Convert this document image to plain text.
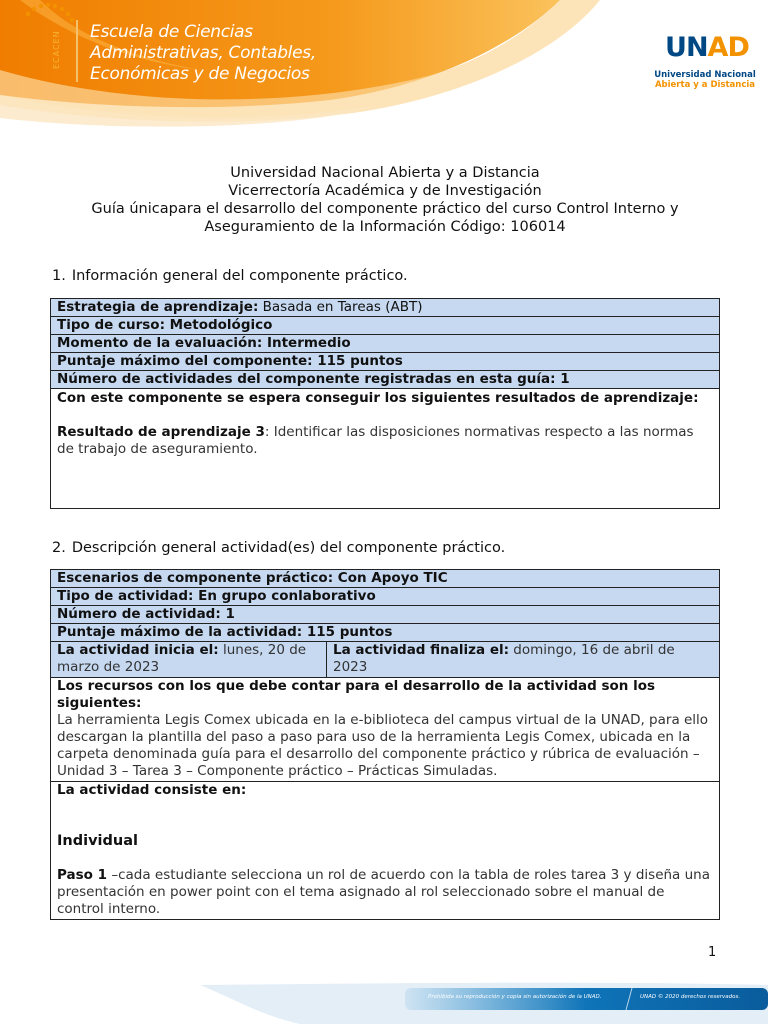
ECACEN	Escuela de Ciencias
Administrativas, Contables,
Económicas y de Negocios
UNAD
Universidad Nacional
Abierta y a Distancia
Universidad Nacional Abierta y a Distancia
Vicerrectoría Académica y de Investigación
Guía únicapara el desarrollo del componente práctico del curso Control Interno y
Aseguramiento de la Información Código: 106014
1. Información general del componente práctico.
Estrategia de aprendizaje: Basada en Tareas (ABT)
Tipo de curso: Metodológico
Momento de la evaluación: Intermedio
Puntaje máximo del componente: 115 puntos
Número de actividades del componente registradas en esta guía: 1
Con este componente se espera conseguir los siguientes resultados de aprendizaje:
Resultado de aprendizaje 3: Identificar las disposiciones normativas respecto a las normas de trabajo de aseguramiento.
2. Descripción general actividad(es) del componente práctico.
Escenarios de componente práctico: Con Apoyo TIC
Tipo de actividad: En grupo conlaborativo
Número de actividad: 1
Puntaje máximo de la actividad: 115 puntos
La actividad inicia el: lunes, 20 de marzo de 2023	La actividad finaliza el: domingo, 16 de abril de 2023
Los recursos con los que debe contar para el desarrollo de la actividad son los siguientes:
La herramienta Legis Comex ubicada en la e-biblioteca del campus virtual de la UNAD, para ello descargan la plantilla del paso a paso para uso de la herramienta Legis Comex, ubicada en la carpeta denominada guía para el desarrollo del componente práctico y rúbrica de evaluación – Unidad 3 – Tarea 3 – Componente práctico – Prácticas Simuladas.

La actividad consiste en:
Individual
Paso 1 –cada estudiante selecciona un rol de acuerdo con la tabla de roles tarea 3 y diseña una presentación en power point con el tema asignado al rol seleccionado sobre el manual de control interno.
1
Prohibida su reproducción y copia sin autorización de la UNAD.	UNAD © 2020 derechos reservados.
